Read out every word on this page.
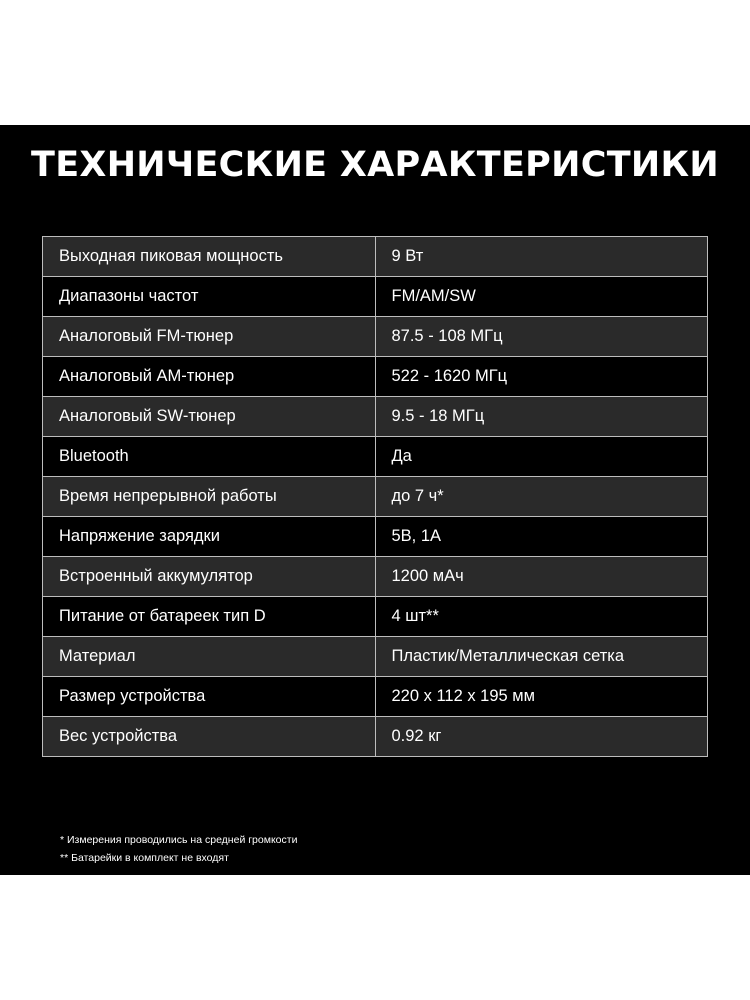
ТЕХНИЧЕСКИЕ ХАРАКТЕРИСТИКИ
Выходная пиковая мощность	9 Вт
Диапазоны частот	FM/AM/SW
Аналоговый FM-тюнер	87.5 - 108 МГц
Аналоговый АМ-тюнер	522 - 1620 МГц
Аналоговый SW-тюнер	9.5 - 18 МГц
Bluetooth	Да
Время непрерывной работы	до 7 ч*
Напряжение зарядки	5В, 1А
Встроенный аккумулятор	1200 мАч
Питание от батареек тип D	4 шт**
Материал	Пластик/Металлическая сетка
Размер устройства	220 x 112 x 195 мм
Вес устройства	0.92 кг
* Измерения проводились на средней громкости
** Батарейки в комплект не входят
